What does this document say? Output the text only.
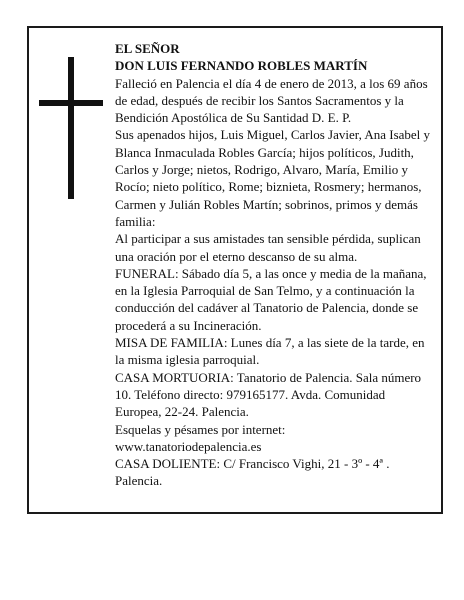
EL SEÑOR

DON LUIS FERNANDO ROBLES MARTÍN

Falleció en Palencia el día 4 de enero de 2013, a los 69 años de edad, después de recibir los Santos Sacramentos y la Bendición Apostólica de Su Santidad D. E. P.

Sus apenados hijos, Luis Miguel, Carlos Javier, Ana Isabel y Blanca Inmaculada Robles García; hijos políticos, Judith, Carlos y Jorge; nietos, Rodrigo, Alvaro, María, Emilio y Rocío; nieto político, Rome; biznieta, Rosmery; hermanos, Carmen y Julián Robles Martín; sobrinos, primos y demás familia:

Al participar a sus amistades tan sensible pérdida, suplican una oración por el eterno descanso de su alma.

FUNERAL: Sábado día 5, a las once y media de la mañana, en la Iglesia Parroquial de San Telmo, y a continuación la conducción del cadáver al Tanatorio de Palencia, donde se procederá a su Incineración.

MISA DE FAMILIA: Lunes día 7, a las siete de la tarde, en la misma iglesia parroquial.

CASA MORTUORIA: Tanatorio de Palencia. Sala número 10. Teléfono directo: 979165177. Avda. Comunidad Europea, 22-24. Palencia.

Esquelas y pésames por internet: www.tanatoriodepalencia.es

CASA DOLIENTE: C/ Francisco Vighi, 21 - 3º - 4ª . Palencia.
